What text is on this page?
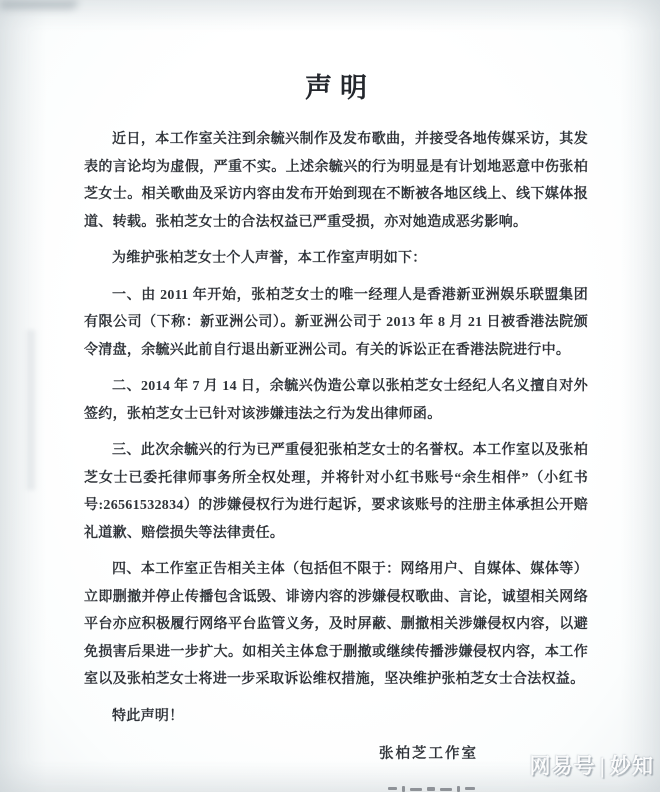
声明

近日，本工作室关注到余毓兴制作及发布歌曲，并接受各地传媒采访，其发表的言论均为虚假，严重不实。上述余毓兴的行为明显是有计划地恶意中伤张柏芝女士。相关歌曲及采访内容由发布开始到现在不断被各地区线上、线下媒体报道、转载。张柏芝女士的合法权益已严重受损，亦对她造成恶劣影响。

为维护张柏芝女士个人声誉，本工作室声明如下：

一、由 2011 年开始，张柏芝女士的唯一经理人是香港新亚洲娱乐联盟集团有限公司（下称：新亚洲公司）。新亚洲公司于 2013 年 8 月 21 日被香港法院颁令清盘，余毓兴此前自行退出新亚洲公司。有关的诉讼正在香港法院进行中。

二、2014 年 7 月 14 日，余毓兴伪造公章以张柏芝女士经纪人名义擅自对外签约，张柏芝女士已针对该涉嫌违法之行为发出律师函。

三、此次余毓兴的行为已严重侵犯张柏芝女士的名誉权。本工作室以及张柏芝女士已委托律师事务所全权处理，并将针对小红书账号“余生相伴”（小红书号:26561532834）的涉嫌侵权行为进行起诉，要求该账号的注册主体承担公开赔礼道歉、赔偿损失等法律责任。

四、本工作室正告相关主体（包括但不限于：网络用户、自媒体、媒体等）立即删撤并停止传播包含诋毁、诽谤内容的涉嫌侵权歌曲、言论，诚望相关网络平台亦应积极履行网络平台监管义务，及时屏蔽、删撤相关涉嫌侵权内容，以避免损害后果进一步扩大。如相关主体怠于删撤或继续传播涉嫌侵权内容，本工作室以及张柏芝女士将进一步采取诉讼维权措施，坚决维护张柏芝女士合法权益。

特此声明！

张柏芝工作室
网易号 | 妙知
